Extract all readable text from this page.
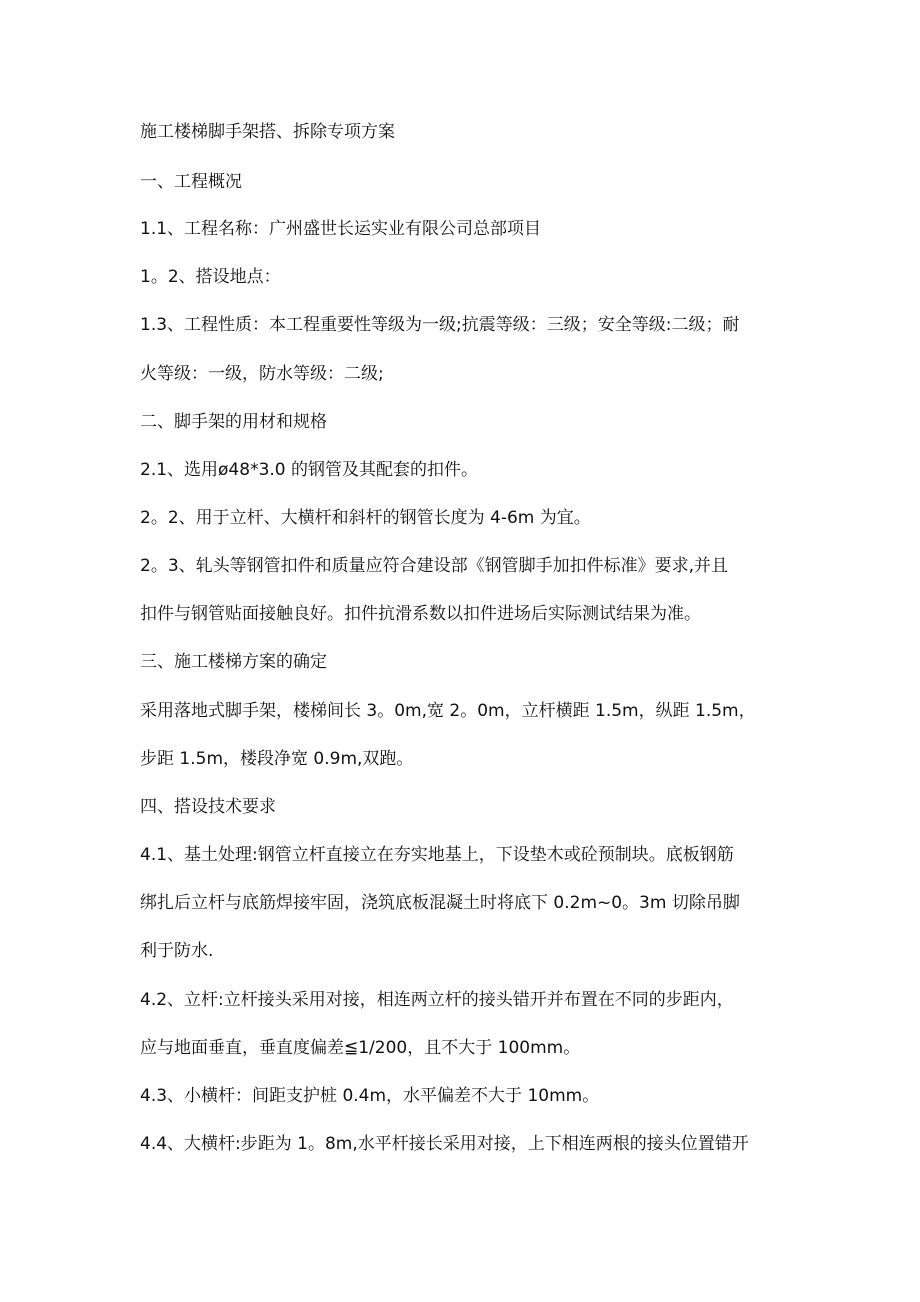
施工楼梯脚手架搭、拆除专项方案
一、工程概况
1.1、工程名称：广州盛世长运实业有限公司总部项目
1。2、搭设地点：
1.3、工程性质：本工程重要性等级为一级;抗震等级：三级；安全等级:二级；耐
火等级：一级，防水等级：二级;
二、脚手架的用材和规格
2.1、选用ø48*3.0 的钢管及其配套的扣件。
2。2、用于立杆、大横杆和斜杆的钢管长度为 4-6m 为宜。
2。3、轧头等钢管扣件和质量应符合建设部《钢管脚手加扣件标准》要求,并且
扣件与钢管贴面接触良好。扣件抗滑系数以扣件进场后实际测试结果为准。
三、施工楼梯方案的确定
采用落地式脚手架，楼梯间长 3。0m,宽 2。0m，立杆横距 1.5m，纵距 1.5m，
步距 1.5m，楼段净宽 0.9m,双跑。
四、搭设技术要求
4.1、基土处理:钢管立杆直接立在夯实地基上，下设垫木或砼预制块。底板钢筋
绑扎后立杆与底筋焊接牢固，浇筑底板混凝土时将底下 0.2m~0。3m 切除吊脚
利于防水.
4.2、立杆:立杆接头采用对接，相连两立杆的接头错开并布置在不同的步距内，
应与地面垂直，垂直度偏差≦1/200，且不大于 100mm。
4.3、小横杆：间距支护桩 0.4m，水平偏差不大于 10mm。
4.4、大横杆:步距为 1。8m,水平杆接长采用对接，上下相连两根的接头位置错开
